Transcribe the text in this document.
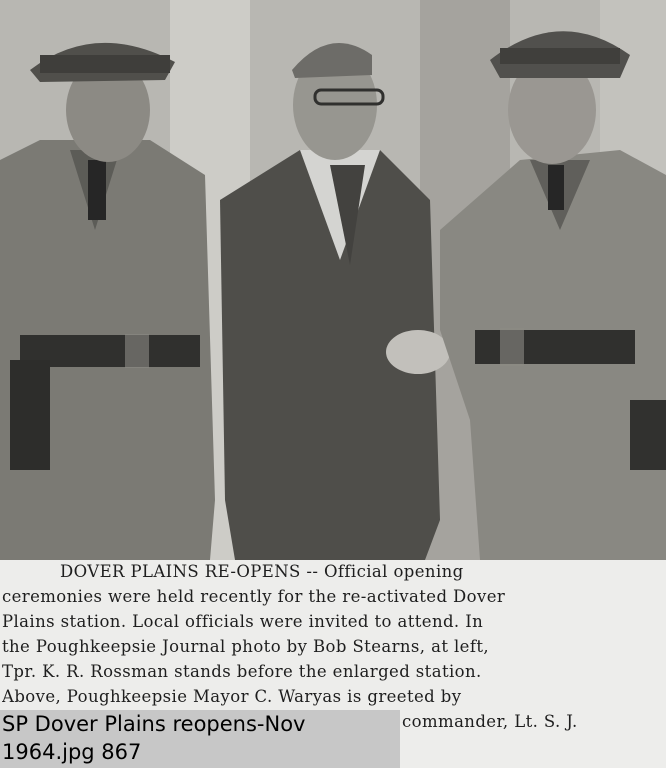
DOVER PLAINS RE-OPENS -- Official opening
ceremonies were held recently for the re-activated Dover
Plains station. Local officials were invited to attend. In
the Poughkeepsie Journal photo by Bob Stearns, at left,
Tpr. K. R. Rossman stands before the enlarged station.
Above, Poughkeepsie Mayor C. Waryas is greeted by
commander, Lt. S. J.
SP Dover Plains reopens-Nov
1964.jpg 867
